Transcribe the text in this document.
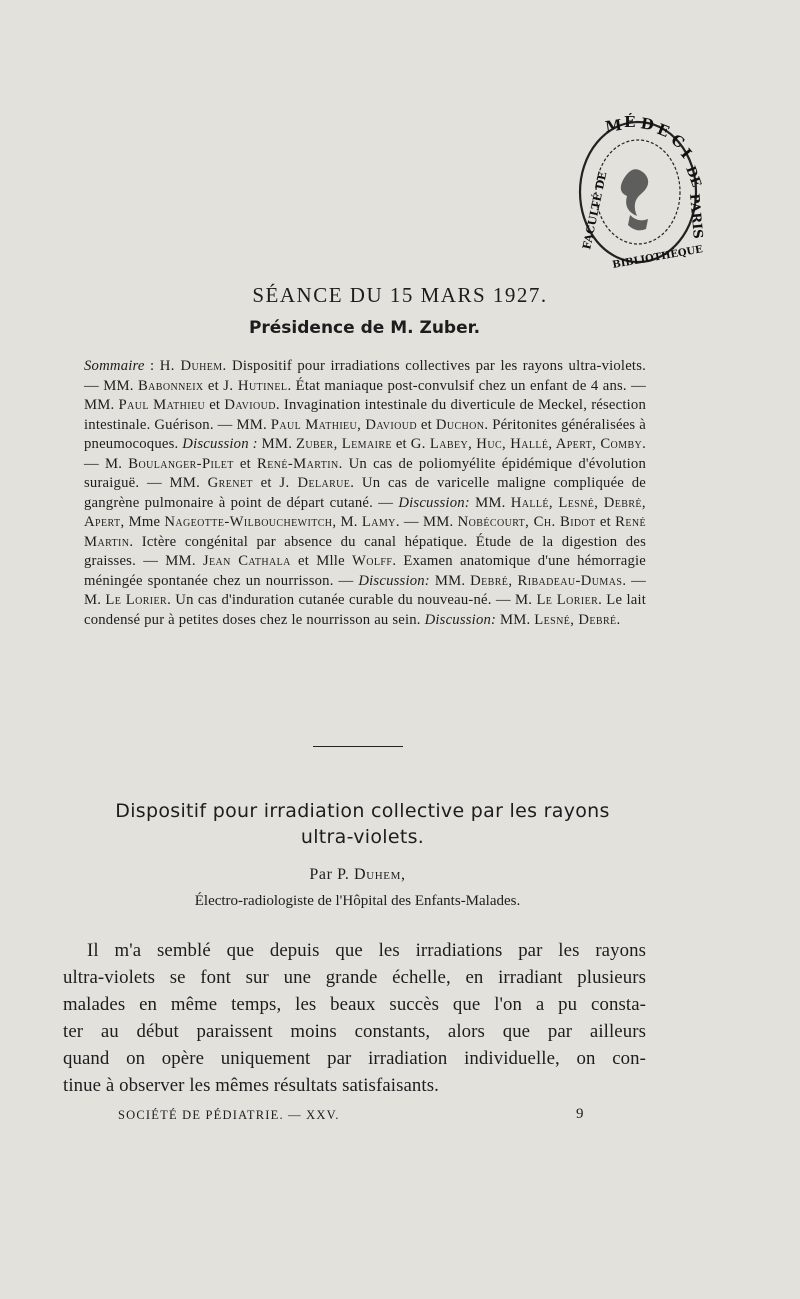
M É D E
C
I
DE
PARIS
FACULTÉ DE
BIBLIOTHÈQUE
SÉANCE DU 15 MARS 1927.
Présidence de M. Zuber.
Sommaire : H. Duhem. Dispositif pour irradiations collectives par les rayons ultra-violets. — MM. Babonneix et J. Hutinel. État maniaque post-convulsif chez un enfant de 4 ans. — MM. Paul Mathieu et Davioud. Invagination intestinale du diverticule de Meckel, résection intestinale. Guérison. — MM. Paul Mathieu, Davioud et Duchon. Péritonites généralisées à pneumocoques. Discussion : MM. Zuber, Lemaire et G. Labey, Huc, Hallé, Apert, Comby. — M. Boulanger-Pilet et René-Martin. Un cas de poliomyélite épidémique d'évolution suraiguë. — MM. Grenet et J. Delarue. Un cas de varicelle maligne compliquée de gangrène pulmonaire à point de départ cutané. — Discussion: MM. Hallé, Lesné, Debré, Apert, Mme Nageotte-Wilbouchewitch, M. Lamy. — MM. Nobécourt, Ch. Bidot et René Martin. Ictère congénital par absence du canal hépatique. Étude de la digestion des graisses. — MM. Jean Cathala et Mlle Wolff. Examen anatomique d'une hémorragie méningée spontanée chez un nourrisson. — Discussion: MM. Debré, Ribadeau-Dumas. — M. Le Lorier. Un cas d'induration cutanée curable du nouveau-né. — M. Le Lorier. Le lait condensé pur à petites doses chez le nourrisson au sein. Discussion: MM. Lesné, Debré.
Dispositif pour irradiation collective par les rayons
ultra-violets.
Par P. Duhem,
Électro-radiologiste de l'Hôpital des Enfants-Malades.
Il m'a semblé que depuis que les irradiations par les rayons
ultra-violets se font sur une grande échelle, en irradiant plusieurs
malades en même temps, les beaux succès que l'on a pu consta-
ter au début paraissent moins constants, alors que par ailleurs
quand on opère uniquement par irradiation individuelle, on con-
tinue à observer les mêmes résultats satisfaisants.
SOCIÉTÉ DE PÉDIATRIE. — XXV.	9
